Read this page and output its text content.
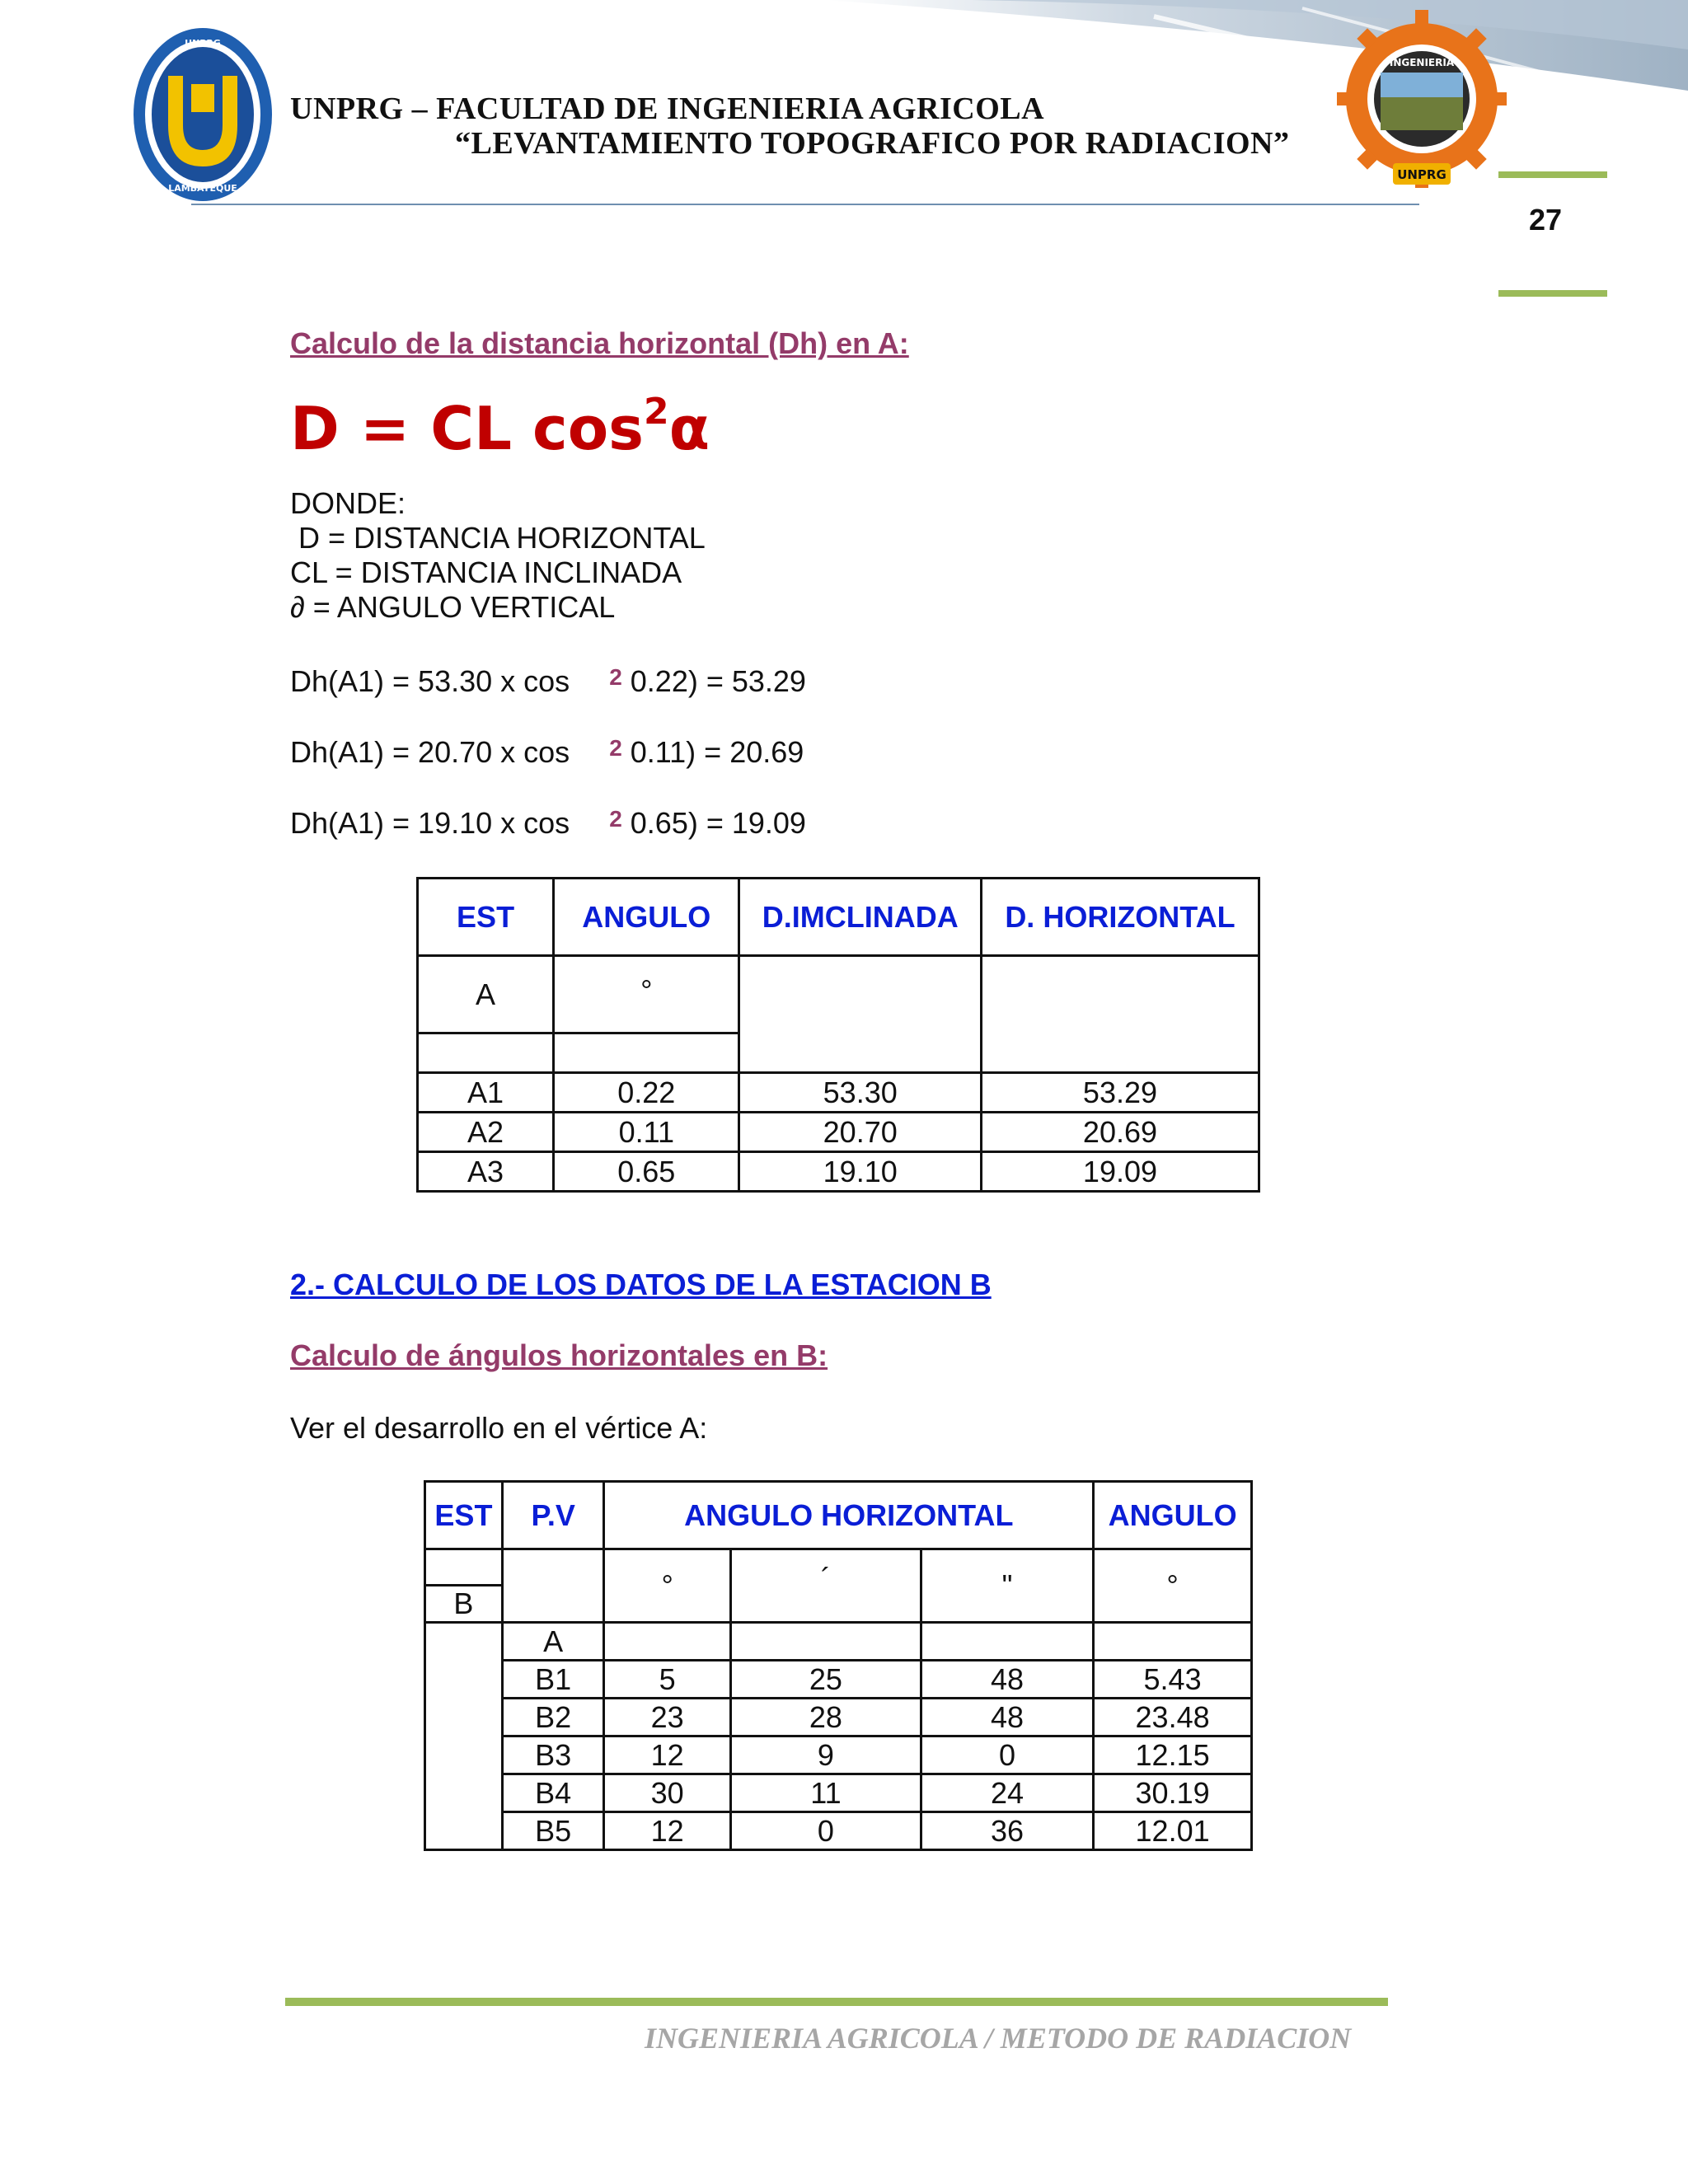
UNPRG
LAMBAYEQUE
UNPRG – FACULTAD DE INGENIERIA AGRICOLA
“LEVANTAMIENTO TOPOGRAFICO POR RADIACION”
INGENIERIA
UNPRG
27
Calculo de la distancia horizontal (Dh) en A:
D = CL $\cos^2\alpha$
DONDE:
D = DISTANCIA HORIZONTAL
CL = DISTANCIA INCLINADA
∂ = ANGULO VERTICAL
Dh(A1) = 53.30 x cos $^2$ 0.22) = 53.29
Dh(A1) = 20.70 x cos $^2$ 0.11) = 20.69
Dh(A1) = 19.10 x cos $^2$ 0.65) = 19.09
EST	ANGULO	D.IMCLINADA	D. HORIZONTAL
A	°		

A1	0.22	53.30	53.29
A2	0.11	20.70	20.69
A3	0.65	19.10	19.09
2.- CALCULO DE LOS DATOS DE LA ESTACION B
Calculo de ángulos horizontales en B:
Ver el desarrollo en el vértice A:
EST	P.V	ANGULO HORIZONTAL			ANGULO
		°	´	"	°
B					
	A				
	B1	5	25	48	5.43
	B2	23	28	48	23.48
	B3	12	9	0	12.15
	B4	30	11	24	30.19
	B5	12	0	36	12.01
INGENIERIA AGRICOLA / METODO DE RADIACION
